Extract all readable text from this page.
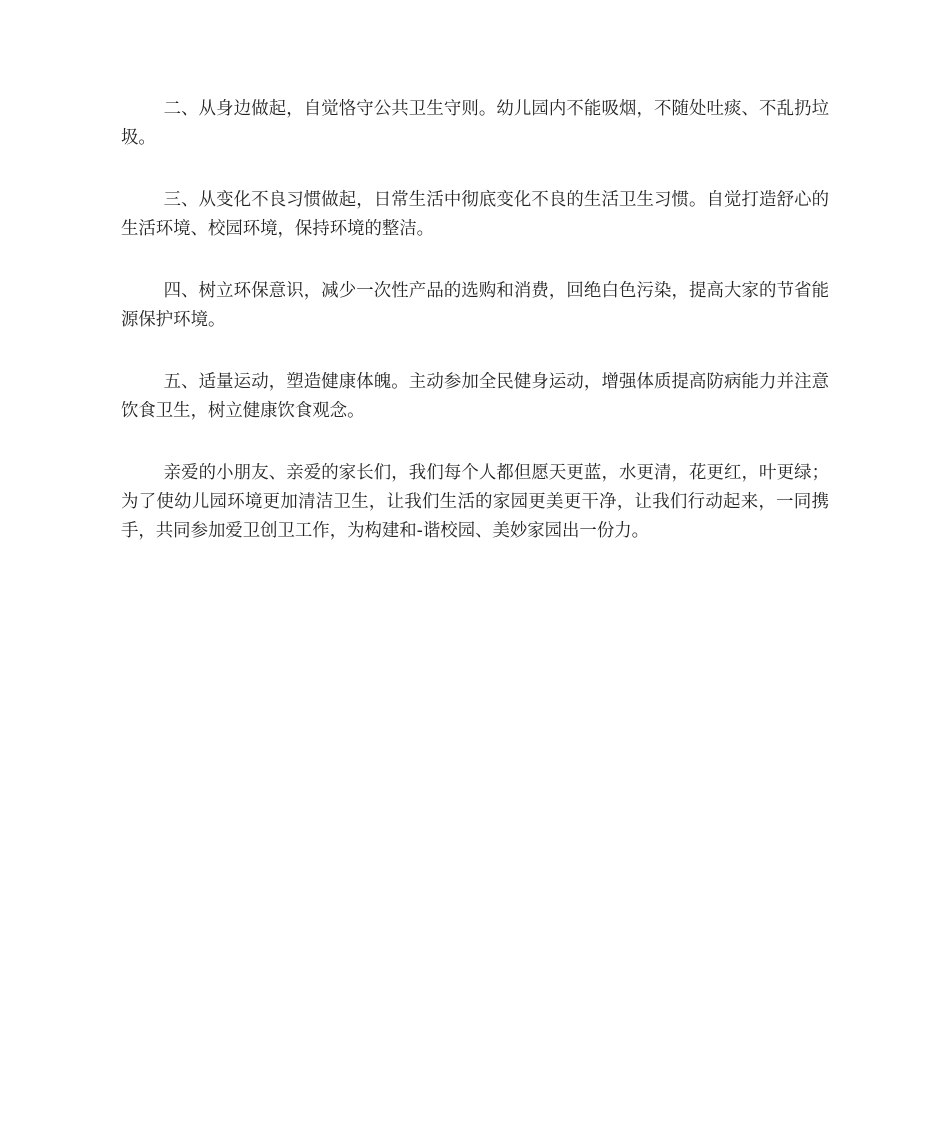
二、从身边做起，自觉恪守公共卫生守则。幼儿园内不能吸烟，不随处吐痰、不乱扔垃圾。

三、从变化不良习惯做起，日常生活中彻底变化不良的生活卫生习惯。自觉打造舒心的生活环境、校园环境，保持环境的整洁。

四、树立环保意识，减少一次性产品的选购和消费，回绝白色污染，提高大家的节省能源保护环境。

五、适量运动，塑造健康体魄。主动参加全民健身运动，增强体质提高防病能力并注意饮食卫生，树立健康饮食观念。

亲爱的小朋友、亲爱的家长们，我们每个人都但愿天更蓝，水更清，花更红，叶更绿；为了使幼儿园环境更加清洁卫生，让我们生活的家园更美更干净，让我们行动起来，一同携手，共同参加爱卫创卫工作，为构建和-谐校园、美妙家园出一份力。
